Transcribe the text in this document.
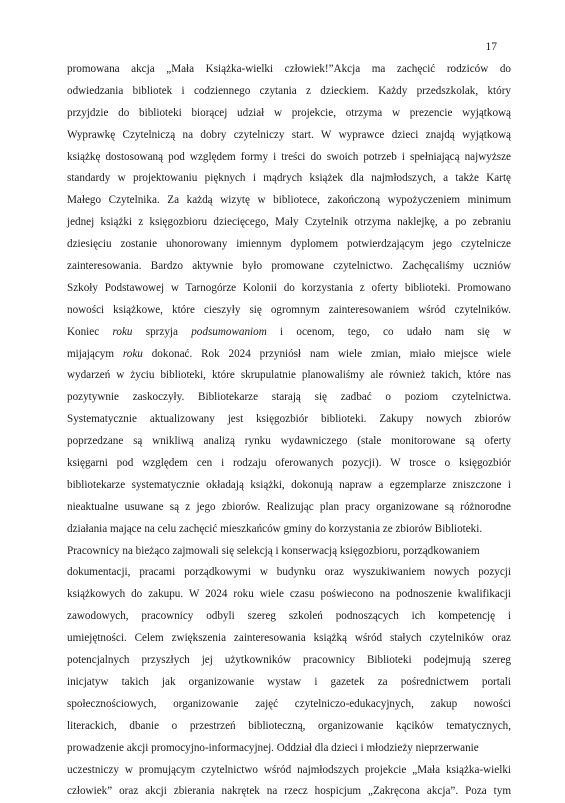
17
promowana akcja „Mała Książka-wielki człowiek!”Akcja ma zachęcić rodziców do
odwiedzania bibliotek i codziennego czytania z dzieckiem. Każdy przedszkolak, który
przyjdzie do biblioteki biorącej udział w projekcie, otrzyma w prezencie wyjątkową
Wyprawkę Czytelniczą na dobry czytelniczy start. W wyprawce dzieci znajdą wyjątkową
książkę dostosowaną pod względem formy i treści do swoich potrzeb i spełniającą najwyższe
standardy w projektowaniu pięknych i mądrych książek dla najmłodszych, a także Kartę
Małego Czytelnika. Za każdą wizytę w bibliotece, zakończoną wypożyczeniem minimum
jednej książki z księgozbioru dziecięcego, Mały Czytelnik otrzyma naklejkę, a po zebraniu
dziesięciu zostanie uhonorowany imiennym dyplomem potwierdzającym jego czytelnicze
zainteresowania. Bardzo aktywnie było promowane czytelnictwo. Zachęcaliśmy uczniów
Szkoły Podstawowej w Tarnogórze Kolonii do korzystania z oferty biblioteki. Promowano
nowości książkowe, które cieszyły się ogromnym zainteresowaniem wśród czytelników.
Koniec roku sprzyja podsumowaniom i ocenom, tego, co udało nam się w
mijającym roku dokonać. Rok 2024 przyniósł nam wiele zmian, miało miejsce wiele
wydarzeń w życiu biblioteki, które skrupulatnie planowaliśmy ale również takich, które nas
pozytywnie zaskoczyły. Bibliotekarze starają się zadbać o poziom czytelnictwa.
Systematycznie aktualizowany jest księgozbiór biblioteki. Zakupy nowych zbiorów
poprzedzane są wnikliwą analizą rynku wydawniczego (stale monitorowane są oferty
księgarni pod względem cen i rodzaju oferowanych pozycji). W trosce o księgozbiór
bibliotekarze systematycznie okładają książki, dokonują napraw a egzemplarze zniszczone i
nieaktualne usuwane są z jego zbiorów. Realizując plan pracy organizowane są różnorodne
działania mające na celu zachęcić mieszkańców gminy do korzystania ze zbiorów Biblioteki.
Pracownicy na bieżąco zajmowali się selekcją i konserwacją księgozbioru, porządkowaniem
dokumentacji, pracami porządkowymi w budynku oraz wyszukiwaniem nowych pozycji
książkowych do zakupu. W 2024 roku wiele czasu poświecono na podnoszenie kwalifikacji
zawodowych, pracownicy odbyli szereg szkoleń podnoszących ich kompetencję i
umiejętności. Celem zwiększenia zainteresowania książką wśród stałych czytelników oraz
potencjalnych przyszłych jej użytkowników pracownicy Biblioteki podejmują szereg
inicjatyw takich jak organizowanie wystaw i gazetek za pośrednictwem portali
społecznościowych, organizowanie zajęć czytelniczo-edukacyjnych, zakup nowości
literackich, dbanie o przestrzeń biblioteczną, organizowanie kącików tematycznych,
prowadzenie akcji promocyjno-informacyjnej. Oddział dla dzieci i młodzieży nieprzerwanie
uczestniczy w promującym czytelnictwo wśród najmłodszych projekcie „Mała książka-wielki
człowiek” oraz akcji zbierania nakrętek na rzecz hospicjum „Zakręcona akcja”. Poza tym
